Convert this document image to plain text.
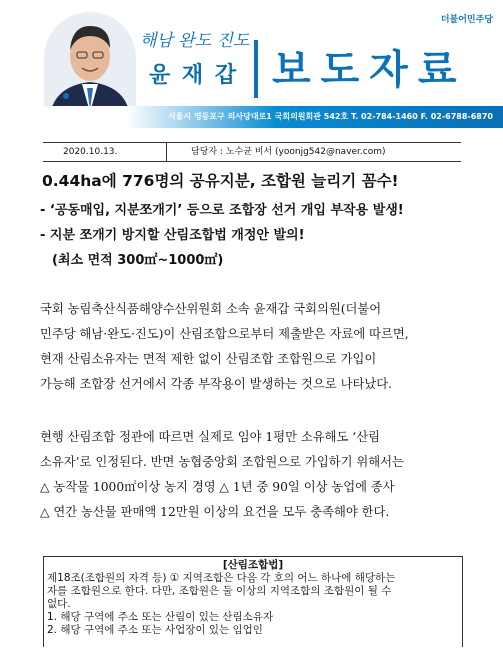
더불어민주당
해남 완도 진도
윤 재 갑 보도자료
서울시 영등포구 의사당대로1 국회의원회관 542호 T. 02-784-1460 F. 02-6788-6870
2020.10.13.	담당자 : 노수균 비서 (yoonjg542@naver.com)
0.44ha에 776명의 공유지분, 조합원 늘리기 꼼수!
- ‘공동매입, 지분쪼개기’ 등으로 조합장 선거 개입 부작용 발생!
- 지분 쪼개기 방지할 산림조합법 개정안 발의!
(최소 면적 300㎡~1000㎡)
국회 농림축산식품해양수산위원회 소속 윤재갑 국회의원(더불어
민주당 해남·완도·진도)이 산림조합으로부터 제출받은 자료에 따르면,
현재 산림소유자는 면적 제한 없이 산림조합 조합원으로 가입이
가능해 조합장 선거에서 각종 부작용이 발생하는 것으로 나타났다.
현행 산림조합 정관에 따르면 실제로 임야 1평만 소유해도 ‘산림
소유자’로 인정된다. 반면 농협중앙회 조합원으로 가입하기 위해서는
△ 농작물 1000㎡이상 농지 경영 △ 1년 중 90일 이상 농업에 종사
△ 연간 농산물 판매액 12만원 이상의 요건을 모두 충족해야 한다.
[산림조합법]
제18조(조합원의 자격 등) ① 지역조합은 다음 각 호의 어느 하나에 해당하는
자를 조합원으로 한다. 다만, 조합원은 둘 이상의 지역조합의 조합원이 될 수
없다.
1. 해당 구역에 주소 또는 산림이 있는 산림소유자
2. 해당 구역에 주소 또는 사업장이 있는 임업인
